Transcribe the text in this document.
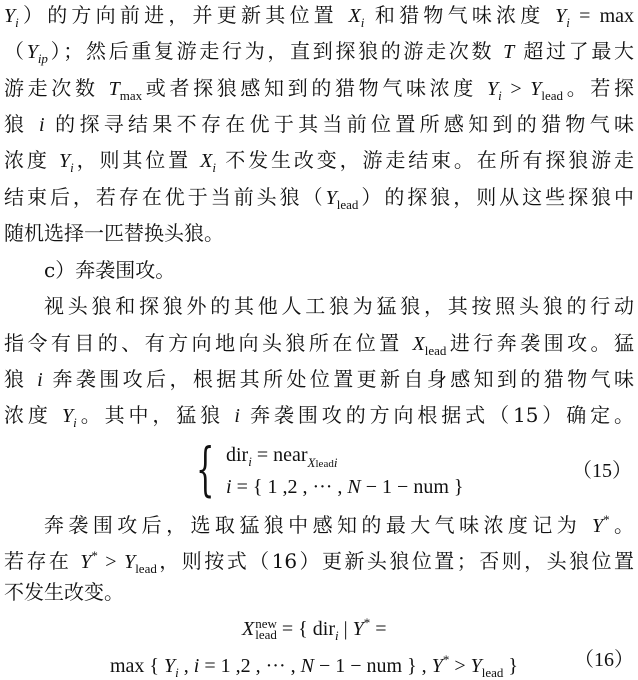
$Y_i$）的方向前进，并更新其位置 $X_i$ 和猎物气味浓度 $Y_i = \max$
$(Y_{ip})$；然后重复游走行为，直到探狼的游走次数 T 超过了最大
游走次数 $T_{max}$或者探狼感知到的猎物气味浓度 $Y_i > Y_{lead}$。若探
狼 i 的探寻结果不存在优于其当前位置所感知到的猎物气味
浓度 $Y_i$，则其位置 $X_i$ 不发生改变，游走结束。在所有探狼游走
结束后，若存在优于当前头狼$(Y_{lead})$的探狼，则从这些探狼中
随机选择一匹替换头狼。
c）奔袭围攻。
视头狼和探狼外的其他人工狼为猛狼，其按照头狼的行动
指令有目的、有方向地向头狼所在位置 $X_{lead}$进行奔袭围攻。猛
狼 i 奔袭围攻后，根据其所处位置更新自身感知到的猎物气味
浓度 $Y_i$。其中，猛狼 i 奔袭围攻的方向根据式（15）确定。
奔袭围攻后，选取猛狼中感知的最大气味浓度记为 Y*。
若存在 $Y^* > Y_{lead}$，则按式（16）更新头狼位置；否则，头狼位置
不发生改变。
{ dir$_i$ = near$_{Xleadi}$
i = { 1 ,2 , ··· , N − 1 − num }
（15）
X new
lead = { dir$_i$ | Y* =
max { $Y_i$ , i = 1 ,2 , ··· , N − 1 − num } , $Y^* > Y_{lead}$ }	（16）
